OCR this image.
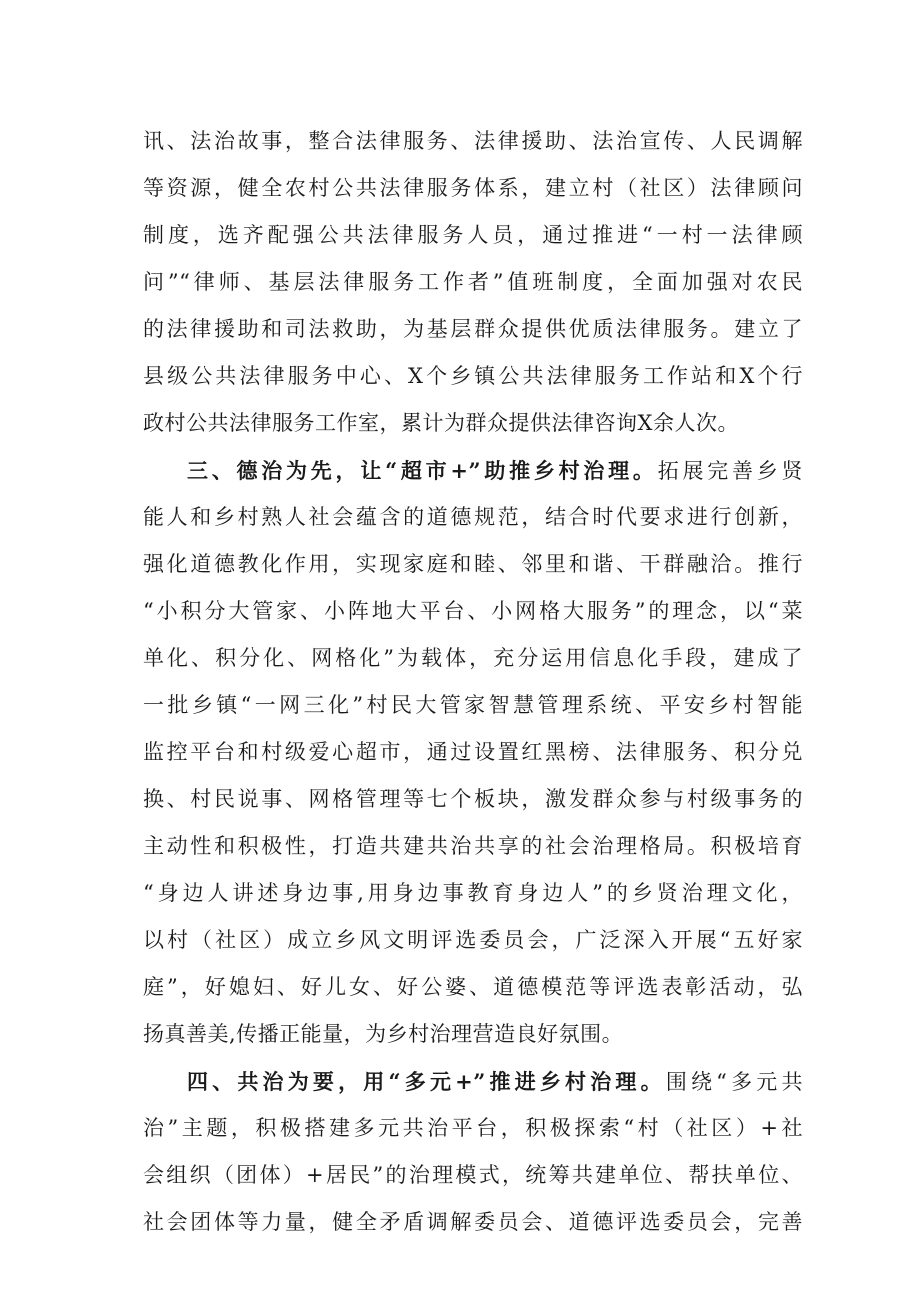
讯、法治故事，整合法律服务、法律援助、法治宣传、人民调解
等资源，健全农村公共法律服务体系，建立村（社区）法律顾问
制度，选齐配强公共法律服务人员，通过推进“一村一法律顾
问”“律师、基层法律服务工作者”值班制度，全面加强对农民
的法律援助和司法救助，为基层群众提供优质法律服务。建立了
县级公共法律服务中心、X个乡镇公共法律服务工作站和X个行
政村公共法律服务工作室，累计为群众提供法律咨询X余人次。
三、德治为先，让“超市+”助推乡村治理。拓展完善乡贤
能人和乡村熟人社会蕴含的道德规范，结合时代要求进行创新，
强化道德教化作用，实现家庭和睦、邻里和谐、干群融洽。推行
“小积分大管家、小阵地大平台、小网格大服务”的理念，以“菜
单化、积分化、网格化”为载体，充分运用信息化手段，建成了
一批乡镇“一网三化”村民大管家智慧管理系统、平安乡村智能
监控平台和村级爱心超市，通过设置红黑榜、法律服务、积分兑
换、村民说事、网格管理等七个板块，激发群众参与村级事务的
主动性和积极性，打造共建共治共享的社会治理格局。积极培育
“身边人讲述身边事,用身边事教育身边人”的乡贤治理文化，
以村（社区）成立乡风文明评选委员会，广泛深入开展“五好家
庭”，好媳妇、好儿女、好公婆、道德模范等评选表彰活动，弘
扬真善美,传播正能量，为乡村治理营造良好氛围。
四、共治为要，用“多元+”推进乡村治理。围绕“多元共
治”主题，积极搭建多元共治平台，积极探索“村（社区）+社
会组织（团体）+居民”的治理模式，统筹共建单位、帮扶单位、
社会团体等力量，健全矛盾调解委员会、道德评选委员会，完善
